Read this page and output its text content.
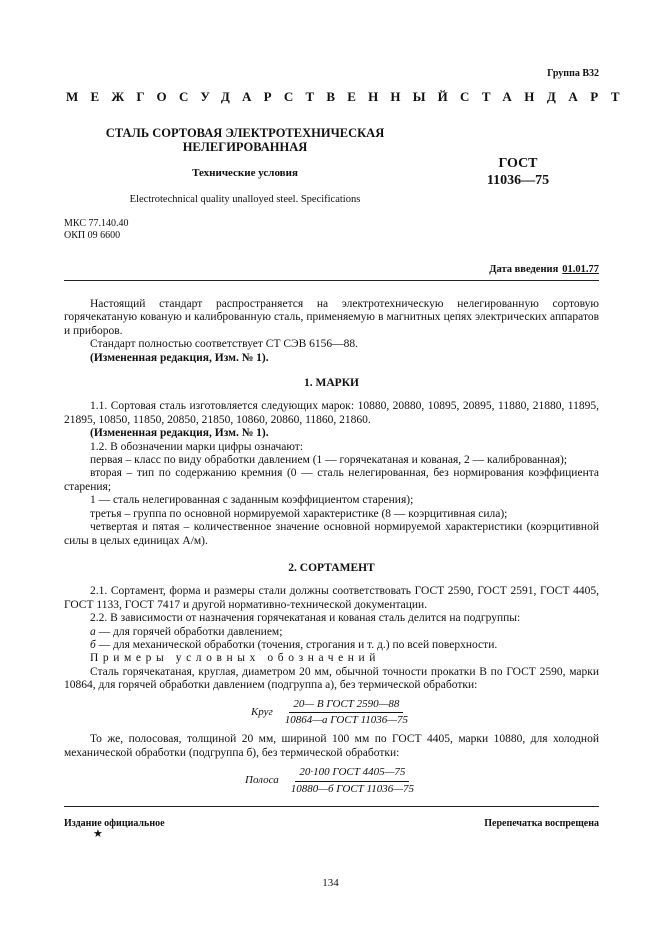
Группа В32
МЕЖГОСУДАРСТВЕННЫЙ СТАНДАРТ
СТАЛЬ СОРТОВАЯ ЭЛЕКТРОТЕХНИЧЕСКАЯ
НЕЛЕГИРОВАННАЯ
Технические условия
ГОСТ
11036—75
Electrotechnical quality unalloyed steel. Specifications
МКС 77.140.40
ОКП 09 6600
Дата введения 01.01.77

Настоящий стандарт распространяется на электротехническую нелегированную сортовую горячекатаную кованую и калиброванную сталь, применяемую в магнитных цепях электрических аппаратов и приборов.

Стандарт полностью соответствует СТ СЭВ 6156—88.

(Измененная редакция, Изм. № 1).

1. МАРКИ

1.1. Сортовая сталь изготовляется следующих марок: 10880, 20880, 10895, 20895, 11880, 21880, 11895, 21895, 10850, 11850, 20850, 21850, 10860, 20860, 11860, 21860.

(Измененная редакция, Изм. № 1).

1.2. В обозначении марки цифры означают:

первая – класс по виду обработки давлением (1 — горячекатаная и кованая, 2 — калиброванная);

вторая – тип по содержанию кремния (0 — сталь нелегированная, без нормирования коэффициента старения;

1 — сталь нелегированная с заданным коэффициентом старения);

третья – группа по основной нормируемой характеристике (8 — коэрцитивная сила);

четвертая и пятая – количественное значение основной нормируемой характеристики (коэрцитивной силы в целых единицах А/м).

2. СОРТАМЕНТ

2.1. Сортамент, форма и размеры стали должны соответствовать ГОСТ 2590, ГОСТ 2591, ГОСТ 4405, ГОСТ 1133, ГОСТ 7417 и другой нормативно-технической документации.

2.2. В зависимости от назначения горячекатаная и кованая сталь делится на подгруппы:

а — для горячей обработки давлением;

б — для механической обработки (точения, строгания и т. д.) по всей поверхности.

Примеры условных обозначений

Сталь горячекатаная, круглая, диаметром 20 мм, обычной точности прокатки В по ГОСТ 2590, марки 10864, для горячей обработки давлением (подгруппа а), без термической обработки:

Круг $\frac{\text{20— В ГОСТ 2590—88}}{\text{10864—а ГОСТ 11036—75}}$

То же, полосовая, толщиной 20 мм, шириной 100 мм по ГОСТ 4405, марки 10880, для холодной механической обработки (подгруппа б), без термической обработки:

Полоса $\frac{\text{20·100 ГОСТ 4405—75}}{\text{10880—б ГОСТ 11036—75}}$
Издание официальное	Перепечатка воспрещена
★
134
